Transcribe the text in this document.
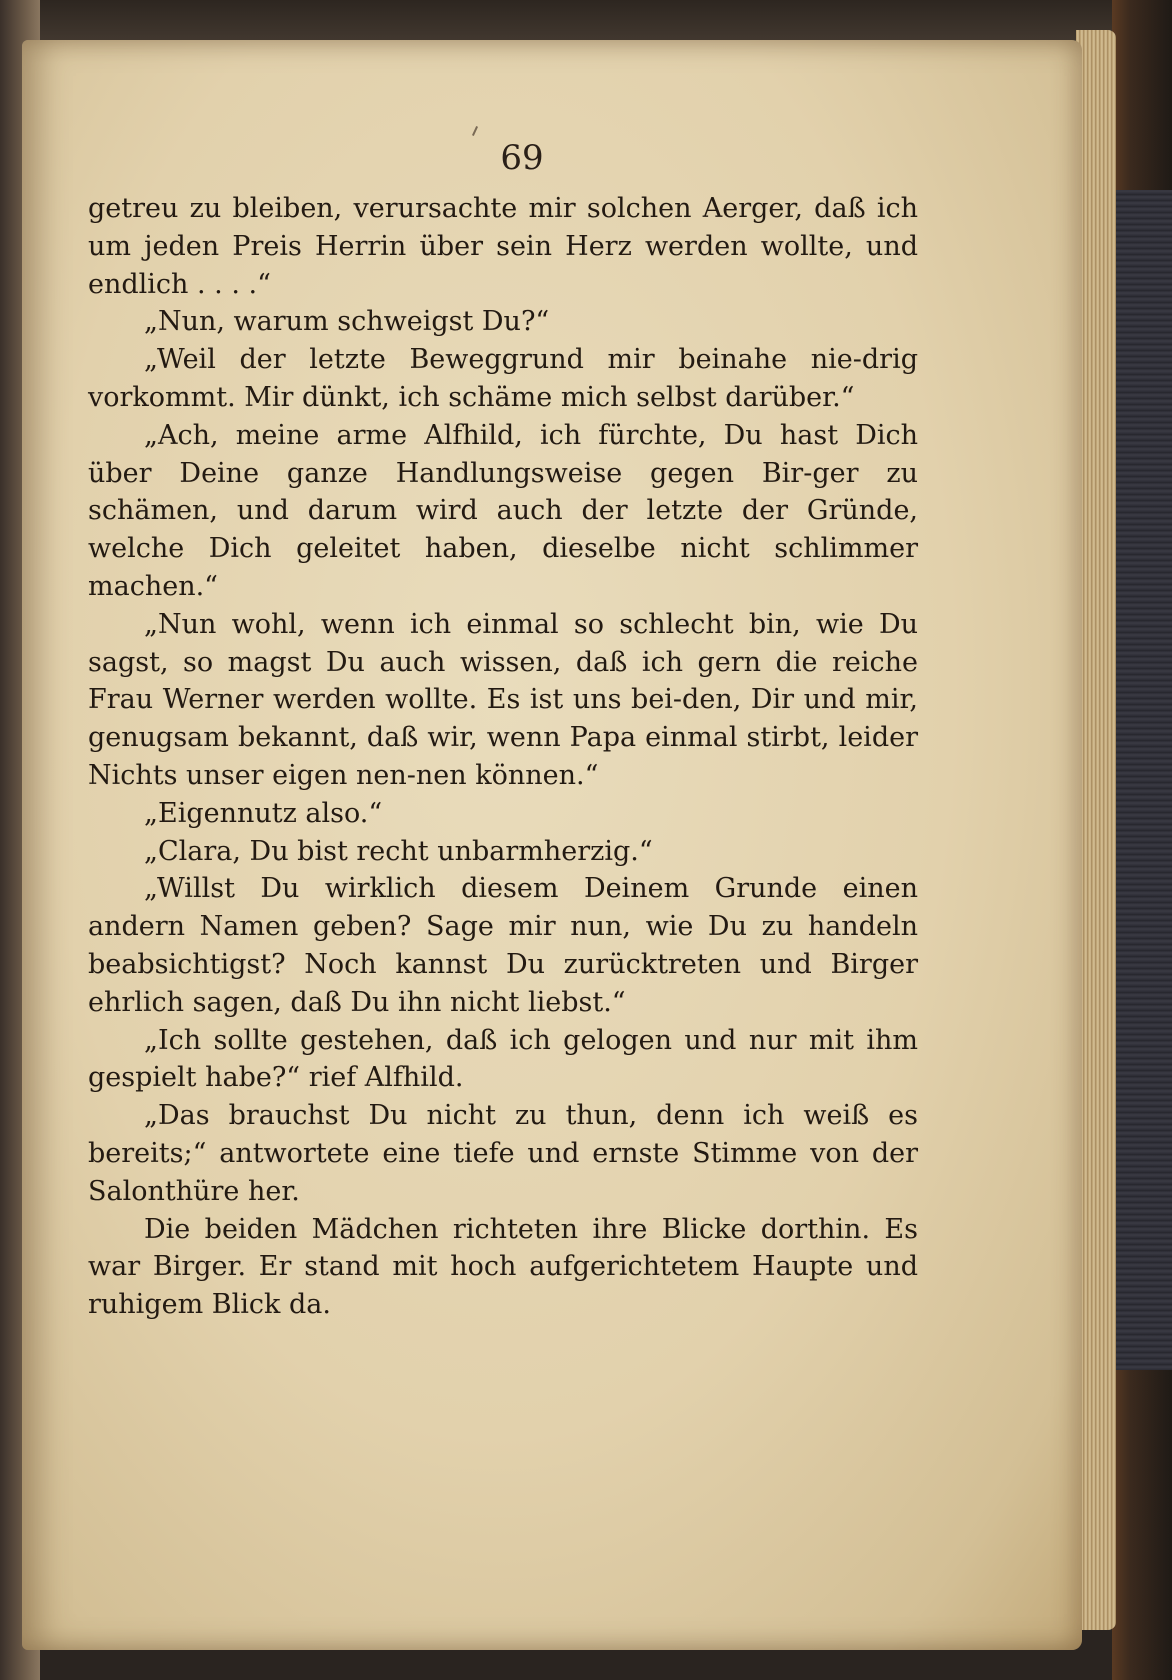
69

getreu zu bleiben, verursachte mir solchen Aerger, daß ich um jeden Preis Herrin über sein Herz werden wollte, und endlich . . . .“

„Nun, warum schweigst Du?“

„Weil der letzte Beweggrund mir beinahe nie‐drig vorkommt. Mir dünkt, ich schäme mich selbst darüber.“

„Ach, meine arme Alfhild, ich fürchte, Du hast Dich über Deine ganze Handlungsweise gegen Bir‐ger zu schämen, und darum wird auch der letzte der Gründe, welche Dich geleitet haben, dieselbe nicht schlimmer machen.“

„Nun wohl, wenn ich einmal so schlecht bin, wie Du sagst, so magst Du auch wissen, daß ich gern die reiche Frau Werner werden wollte. Es ist uns bei‐den, Dir und mir, genugsam bekannt, daß wir, wenn Papa einmal stirbt, leider Nichts unser eigen nen‐nen können.“

„Eigennutz also.“

„Clara, Du bist recht unbarmherzig.“

„Willst Du wirklich diesem Deinem Grunde einen andern Namen geben? Sage mir nun, wie Du zu handeln beabsichtigst? Noch kannst Du zurücktreten und Birger ehrlich sagen, daß Du ihn nicht liebst.“

„Ich sollte gestehen, daß ich gelogen und nur mit ihm gespielt habe?“ rief Alfhild.

„Das brauchst Du nicht zu thun, denn ich weiß es bereits;“ antwortete eine tiefe und ernste Stimme von der Salonthüre her.

Die beiden Mädchen richteten ihre Blicke dorthin. Es war Birger. Er stand mit hoch aufgerichtetem Haupte und ruhigem Blick da.
